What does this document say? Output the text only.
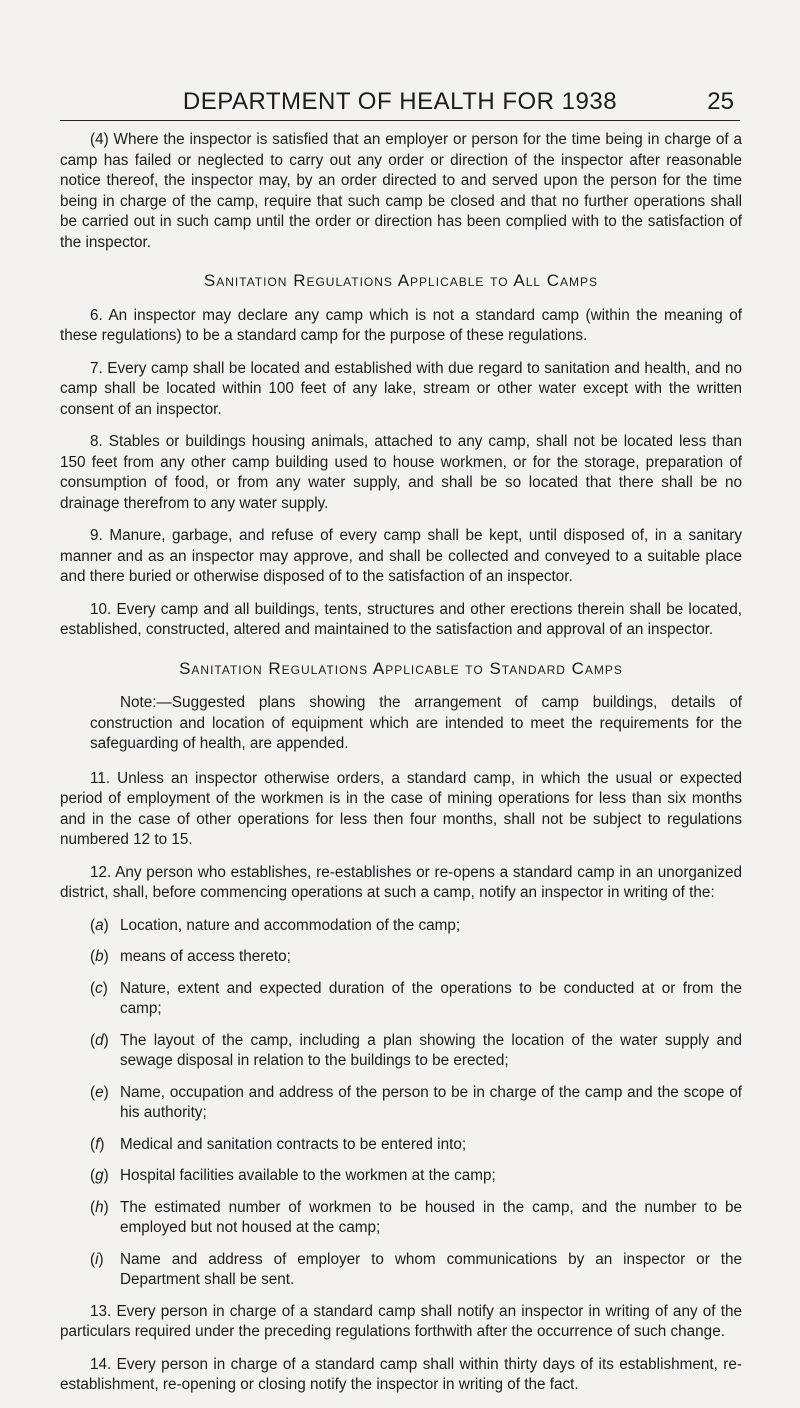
DEPARTMENT OF HEALTH FOR 1938	25

(4) Where the inspector is satisfied that an employer or person for the time being in charge of a camp has failed or neglected to carry out any order or direction of the inspector after reasonable notice thereof, the inspector may, by an order directed to and served upon the person for the time being in charge of the camp, require that such camp be closed and that no further operations shall be carried out in such camp until the order or direction has been complied with to the satisfaction of the inspector.

Sanitation Regulations Applicable to All Camps

6. An inspector may declare any camp which is not a standard camp (within the meaning of these regulations) to be a standard camp for the purpose of these regulations.

7. Every camp shall be located and established with due regard to sanitation and health, and no camp shall be located within 100 feet of any lake, stream or other water except with the written consent of an inspector.

8. Stables or buildings housing animals, attached to any camp, shall not be located less than 150 feet from any other camp building used to house workmen, or for the storage, preparation of consumption of food, or from any water supply, and shall be so located that there shall be no drainage therefrom to any water supply.

9. Manure, garbage, and refuse of every camp shall be kept, until disposed of, in a sanitary manner and as an inspector may approve, and shall be collected and conveyed to a suitable place and there buried or otherwise disposed of to the satisfaction of an inspector.

10. Every camp and all buildings, tents, structures and other erections therein shall be located, established, constructed, altered and maintained to the satisfaction and approval of an inspector.

Sanitation Regulations Applicable to Standard Camps

Note:—Suggested plans showing the arrangement of camp buildings, details of construction and location of equipment which are intended to meet the requirements for the safeguarding of health, are appended.

11. Unless an inspector otherwise orders, a standard camp, in which the usual or expected period of employment of the workmen is in the case of mining operations for less than six months and in the case of other operations for less then four months, shall not be subject to regulations numbered 12 to 15.

12. Any person who establishes, re-establishes or re-opens a standard camp in an unorganized district, shall, before commencing operations at such a camp, notify an inspector in writing of the:

( a )	Location, nature and accommodation of the camp;
( b )	means of access thereto;
( c )	Nature, extent and expected duration of the operations to be conducted at or from the camp;
( d )	The layout of the camp, including a plan showing the location of the water supply and sewage disposal in relation to the buildings to be erected;
( e )	Name, occupation and address of the person to be in charge of the camp and the scope of his authority;
( f )	Medical and sanitation contracts to be entered into;
( g )	Hospital facilities available to the workmen at the camp;
( h )	The estimated number of workmen to be housed in the camp, and the number to be employed but not housed at the camp;
( i )	Name and address of employer to whom communications by an inspector or the Department shall be sent.

13. Every person in charge of a standard camp shall notify an inspector in writing of any of the particulars required under the preceding regulations forthwith after the occurrence of such change.

14. Every person in charge of a standard camp shall within thirty days of its establishment, re-establishment, re-opening or closing notify the inspector in writing of the fact.
